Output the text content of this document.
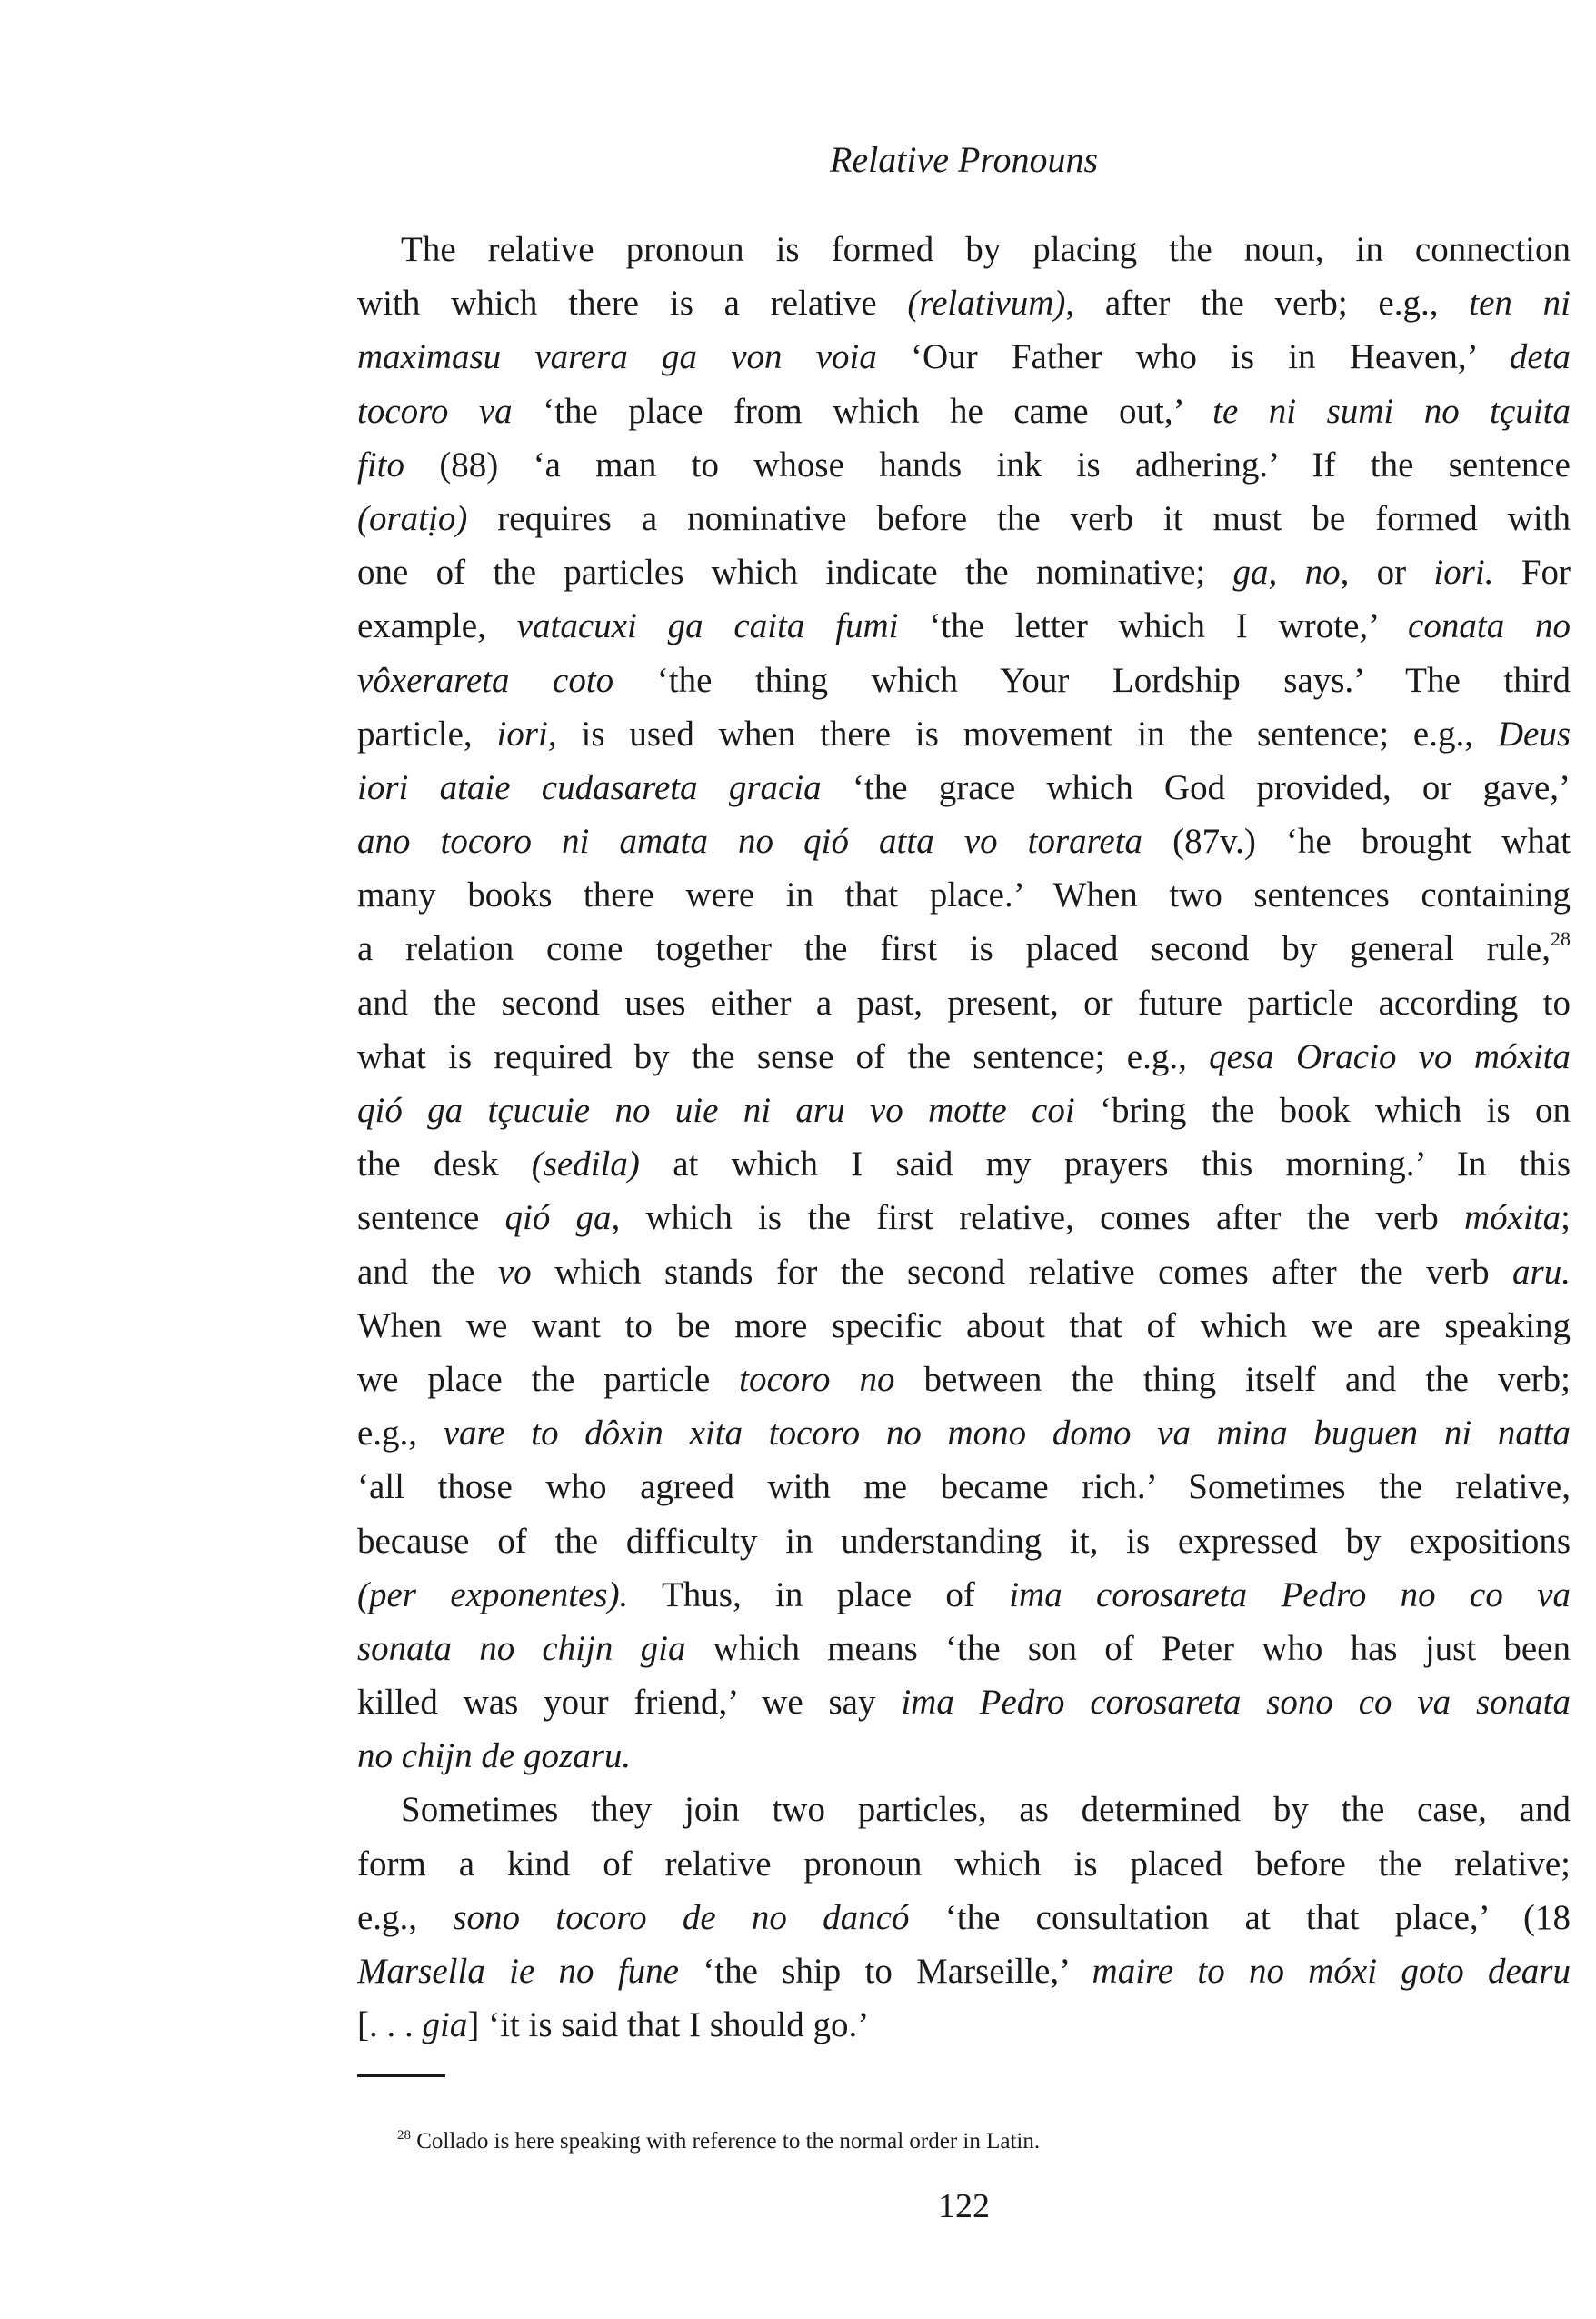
Relative Pronouns
The relative pronoun is formed by placing the noun, in connection
with which there is a relative (relativum), after the verb; e.g., ten ni
maximasu varera ga von voia ‘Our Father who is in Heaven,’ deta
tocoro va ‘the place from which he came out,’ te ni sumi no tçuita
fito (88) ‘a man to whose hands ink is adhering.’ If the sentence
(oratịo) requires a nominative before the verb it must be formed with
one of the particles which indicate the nominative; ga, no, or iori. For
example, vatacuxi ga caita fumi ‘the letter which I wrote,’ conata no
vôxerareta coto ‘the thing which Your Lordship says.’ The third
particle, iori, is used when there is movement in the sentence; e.g., Deus
iori ataie cudasareta gracia ‘the grace which God provided, or gave,’
ano tocoro ni amata no qió atta vo torareta (87v.) ‘he brought what
many books there were in that place.’ When two sentences containing
a relation come together the first is placed second by general rule,$^{28}$
and the second uses either a past, present, or future particle according to
what is required by the sense of the sentence; e.g., qesa Oracio vo móxita
qió ga tçucuie no uie ni aru vo motte coi ‘bring the book which is on
the desk (sedila) at which I said my prayers this morning.’ In this
sentence qió ga, which is the first relative, comes after the verb móxita;
and the vo which stands for the second relative comes after the verb aru.
When we want to be more specific about that of which we are speaking
we place the particle tocoro no between the thing itself and the verb;
e.g., vare to dôxin xita tocoro no mono domo va mina buguen ni natta
‘all those who agreed with me became rich.’ Sometimes the relative,
because of the difficulty in understanding it, is expressed by expositions
(per exponentes). Thus, in place of ima corosareta Pedro no co va
sonata no chijn gia which means ‘the son of Peter who has just been
killed was your friend,’ we say ima Pedro corosareta sono co va sonata
no chijn de gozaru.
Sometimes they join two particles, as determined by the case, and
form a kind of relative pronoun which is placed before the relative;
e.g., sono tocoro de no dancó ‘the consultation at that place,’ (18
Marsella ie no fune ‘the ship to Marseille,’ maire to no móxi goto dearu
[. . . gia] ‘it is said that I should go.’
$^{28}$ Collado is here speaking with reference to the normal order in Latin.
122
